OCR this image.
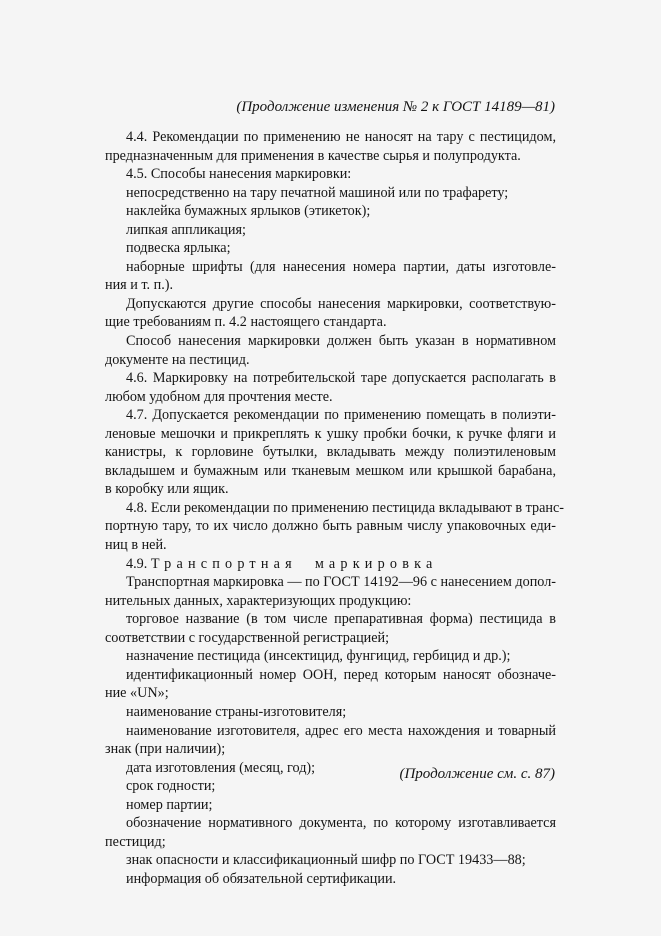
(Продолжение изменения № 2 к ГОСТ 14189—81)
4.4. Рекомендации по применению не наносят на тару с пестицидом,
предназначенным для применения в качестве сырья и полупродукта.
4.5. Способы нанесения маркировки:
непосредственно на тару печатной машиной или по трафарету;
наклейка бумажных ярлыков (этикеток);
липкая аппликация;
подвеска ярлыка;
наборные шрифты (для нанесения номера партии, даты изготовле-
ния и т. п.).
Допускаются другие способы нанесения маркировки, соответствую-
щие требованиям п. 4.2 настоящего стандарта.
Способ нанесения маркировки должен быть указан в нормативном
документе на пестицид.
4.6. Маркировку на потребительской таре допускается располагать в
любом удобном для прочтения месте.
4.7. Допускается рекомендации по применению помещать в полиэти-
леновые мешочки и прикреплять к ушку пробки бочки, к ручке фляги и
канистры, к горловине бутылки, вкладывать между полиэтиленовым
вкладышем и бумажным или тканевым мешком или крышкой барабана,
в коробку или ящик.
4.8. Если рекомендации по применению пестицида вкладывают в транс-
портную тару, то их число должно быть равным числу упаковочных еди-
ниц в ней.
4.9. Транспортная маркировка
Транспортная маркировка — по ГОСТ 14192—96 с нанесением допол-
нительных данных, характеризующих продукцию:
торговое название (в том числе препаративная форма) пестицида в
соответствии с государственной регистрацией;
назначение пестицида (инсектицид, фунгицид, гербицид и др.);
идентификационный номер ООН, перед которым наносят обозначе-
ние «UN»;
наименование страны-изготовителя;
наименование изготовителя, адрес его места нахождения и товарный
знак (при наличии);
дата изготовления (месяц, год);
срок годности;
номер партии;
обозначение нормативного документа, по которому изготавливается
пестицид;
знак опасности и классификационный шифр по ГОСТ 19433—88;
информация об обязательной сертификации.
(Продолжение см. с. 87)
